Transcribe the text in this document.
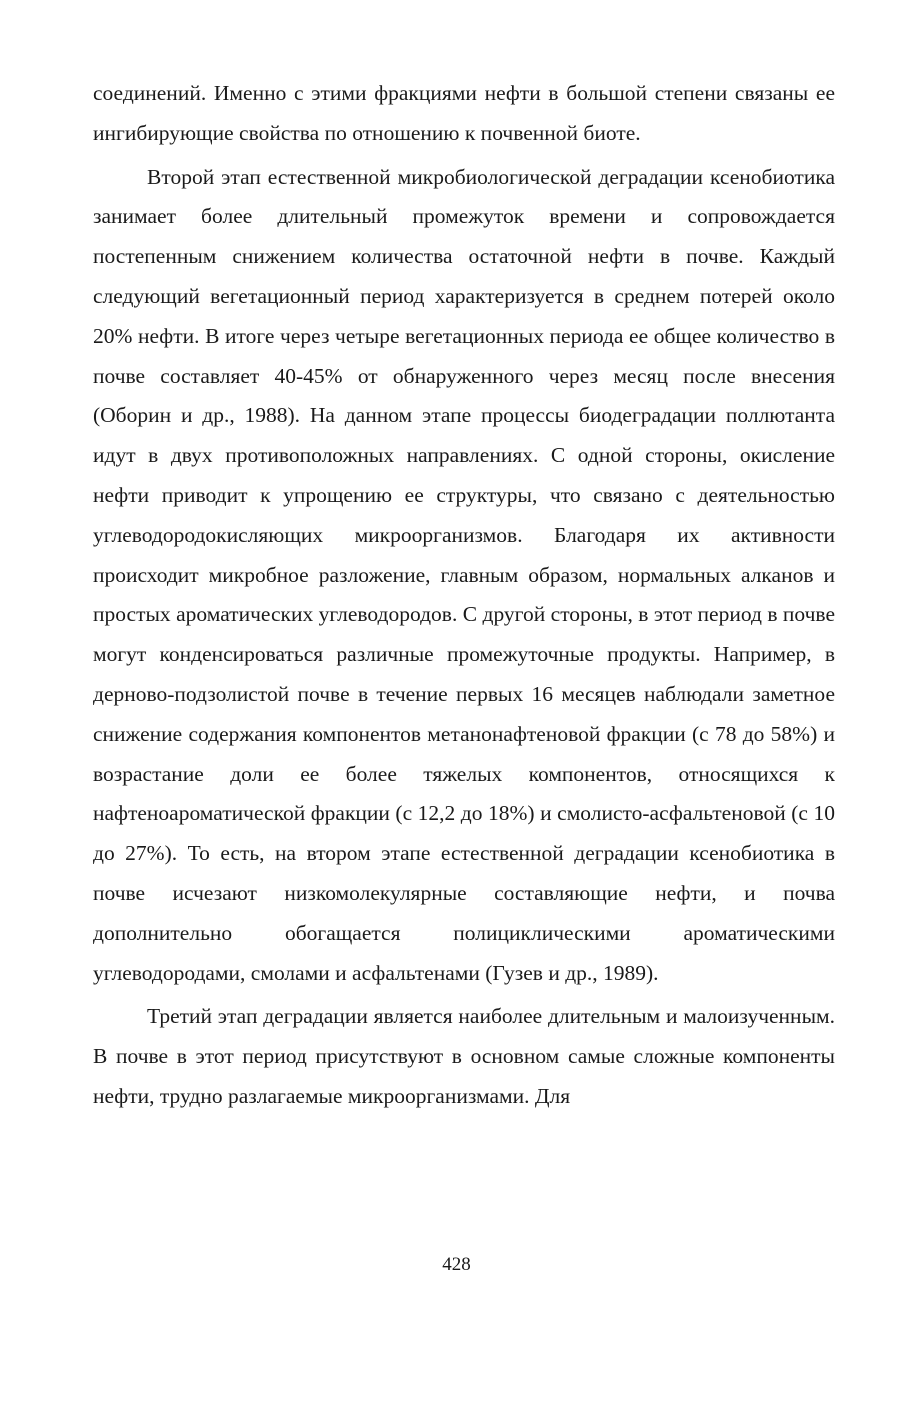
соединений. Именно с этими фракциями нефти в большой степени связаны ее ингибирующие свойства по отношению к почвенной биоте.

Второй этап естественной микробиологической деградации ксенобиотика занимает более длительный промежуток времени и сопровождается постепенным снижением количества остаточной нефти в почве. Каждый следующий вегетационный период характеризуется в среднем потерей около 20% нефти. В итоге через четыре вегетационных периода ее общее количество в почве составляет 40-45% от обнаруженного через месяц после внесения (Оборин и др., 1988). На данном этапе процессы биодеградации поллютанта идут в двух противоположных направлениях. С одной стороны, окисление нефти приводит к упрощению ее структуры, что связано с деятельностью углеводородокисляющих микроорганизмов. Благодаря их активности происходит микробное разложение, главным образом, нормальных алканов и простых ароматических углеводородов. С другой стороны, в этот период в почве могут конденсироваться различные промежуточные продукты. Например, в дерново-подзолистой почве в течение первых 16 месяцев наблюдали заметное снижение содержания компонентов метанонафтеновой фракции (с 78 до 58%) и возрастание доли ее более тяжелых компонентов, относящихся к нафтеноароматической фракции (с 12,2 до 18%) и смолисто-асфальтеновой (с 10 до 27%). То есть, на втором этапе естественной деградации ксенобиотика в почве исчезают низкомолекулярные составляющие нефти, и почва дополнительно обогащается полициклическими ароматическими углеводородами, смолами и асфальтенами (Гузев и др., 1989).

Третий этап деградации является наиболее длительным и малоизученным. В почве в этот период присутствуют в основном самые сложные компоненты нефти, трудно разлагаемые микроорганизмами. Для

428
